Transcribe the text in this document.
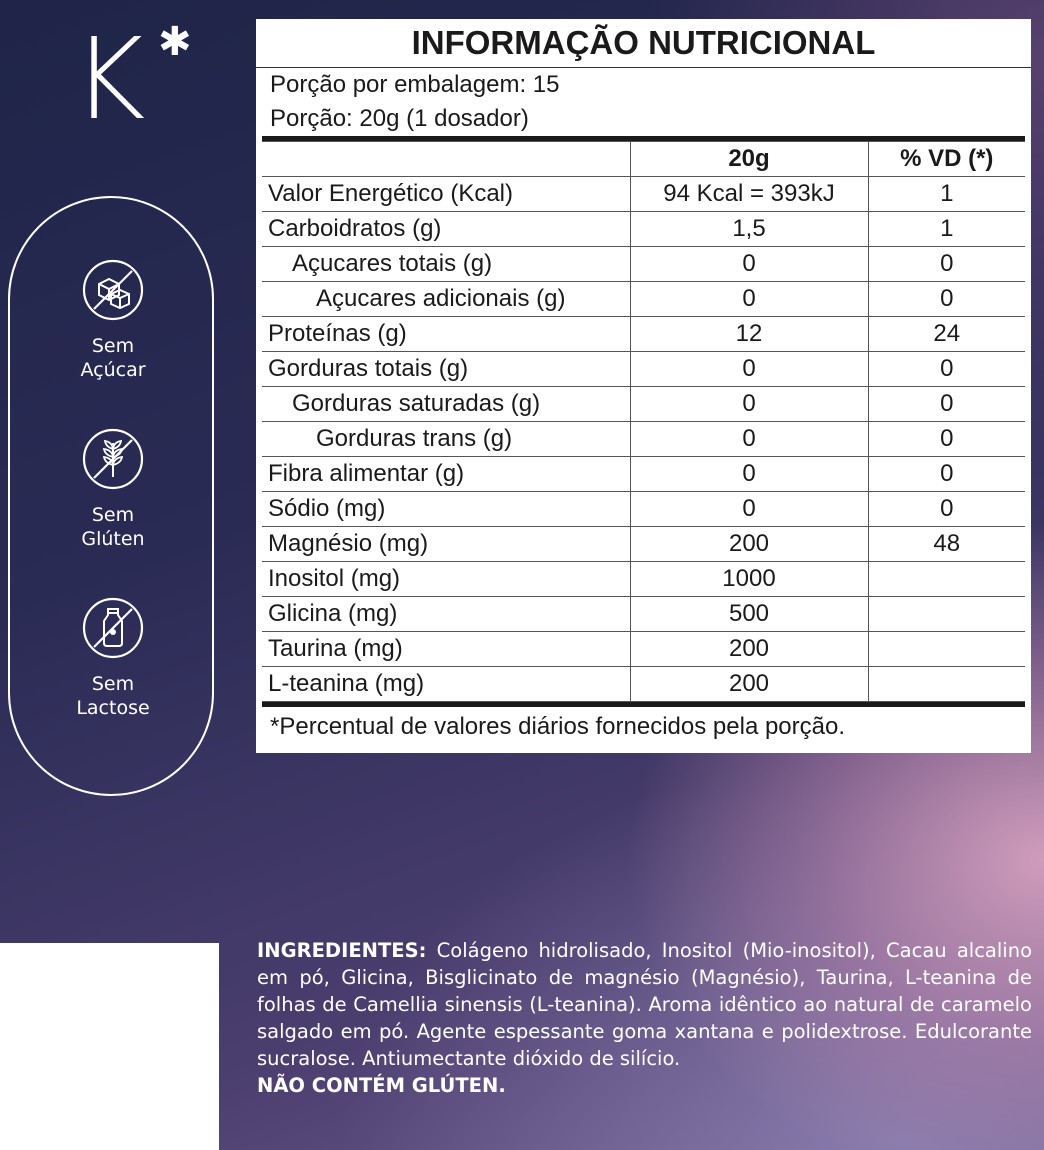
K ✱
Sem
Açúcar
Sem
Glúten
Sem
Lactose
INFORMAÇÃO NUTRICIONAL
Porção por embalagem: 15
Porção: 20g (1 dosador)
	20g	% VD (*)
Valor Energético (Kcal)	94 Kcal = 393kJ	1
Carboidratos (g)	1,5	1
Açucares totais (g)	0	0
Açucares adicionais (g)	0	0
Proteínas (g)	12	24
Gorduras totais (g)	0	0
Gorduras saturadas (g)	0	0
Gorduras trans (g)	0	0
Fibra alimentar (g)	0	0
Sódio (mg)	0	0
Magnésio (mg)	200	48
Inositol (mg)	1000	
Glicina (mg)	500	
Taurina (mg)	200	
L-teanina (mg)	200	
*Percentual de valores diários fornecidos pela porção.
INGREDIENTES: Colágeno hidrolisado, Inositol (Mio-inositol), Cacau alcalino em pó, Glicina, Bisglicinato de magnésio (Magnésio), Taurina, L-teanina de folhas de Camellia sinensis (L-teanina). Aroma idêntico ao natural de caramelo salgado em pó. Agente espessante goma xantana e polidextrose. Edulcorante sucralose. Antiumectante dióxido de silício.
NÃO CONTÉM GLÚTEN.
